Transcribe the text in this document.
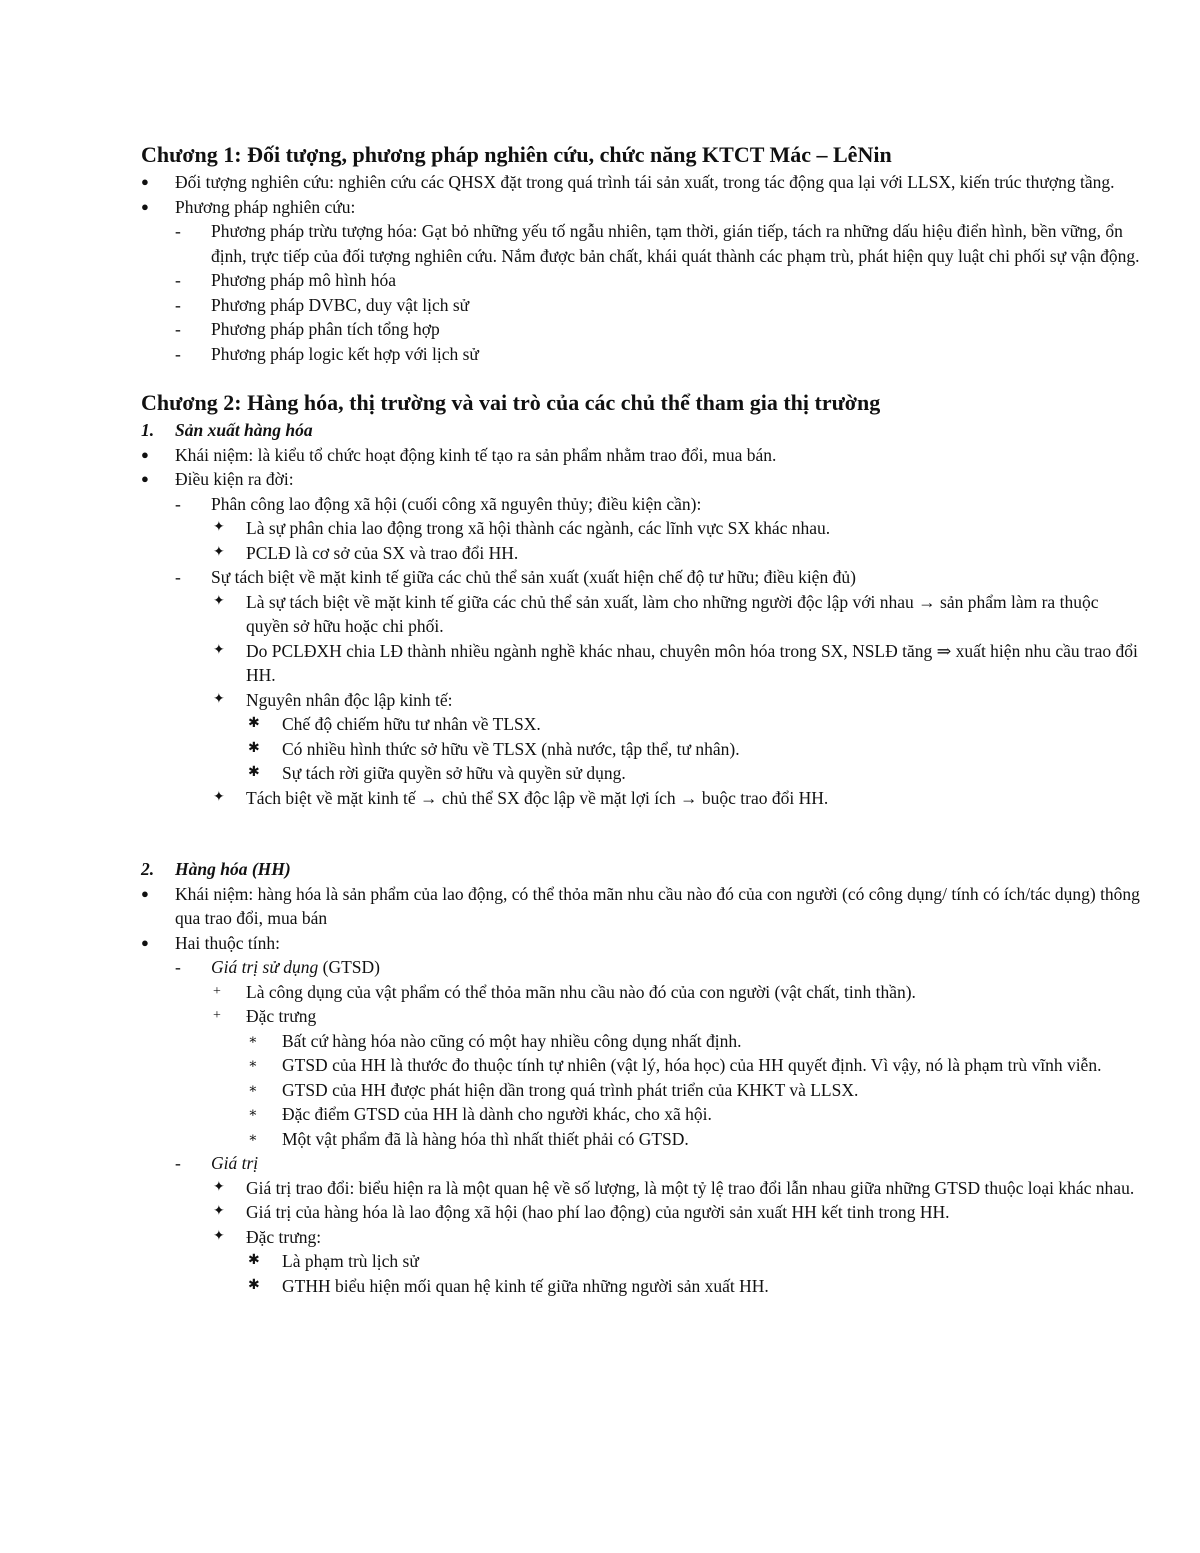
Chương 1: Đối tượng, phương pháp nghiên cứu, chức năng KTCT Mác – LêNin
●	Đối tượng nghiên cứu: nghiên cứu các QHSX đặt trong quá trình tái sản xuất, trong tác động qua lại với LLSX, kiến trúc thượng tầng.
●	Phương pháp nghiên cứu:
-	Phương pháp trừu tượng hóa: Gạt bỏ những yếu tố ngẫu nhiên, tạm thời, gián tiếp, tách ra những dấu hiệu điển hình, bền vững, ổn định, trực tiếp của đối tượng nghiên cứu. Nắm được bản chất, khái quát thành các phạm trù, phát hiện quy luật chi phối sự vận động.
-	Phương pháp mô hình hóa
-	Phương pháp DVBC, duy vật lịch sử
-	Phương pháp phân tích tổng hợp
-	Phương pháp logic kết hợp với lịch sử
Chương 2: Hàng hóa, thị trường và vai trò của các chủ thể tham gia thị trường
1.	Sản xuất hàng hóa
●	Khái niệm: là kiểu tổ chức hoạt động kinh tế tạo ra sản phẩm nhằm trao đổi, mua bán.
●	Điều kiện ra đời:
-	Phân công lao động xã hội (cuối công xã nguyên thủy; điều kiện cần):
✦	Là sự phân chia lao động trong xã hội thành các ngành, các lĩnh vực SX khác nhau.
✦	PCLĐ là cơ sở của SX và trao đổi HH.
-	Sự tách biệt về mặt kinh tế giữa các chủ thể sản xuất (xuất hiện chế độ tư hữu; điều kiện đủ)
✦	Là sự tách biệt về mặt kinh tế giữa các chủ thể sản xuất, làm cho những người độc lập với nhau → sản phẩm làm ra thuộc quyền sở hữu hoặc chi phối.
✦	Do PCLĐXH chia LĐ thành nhiều ngành nghề khác nhau, chuyên môn hóa trong SX, NSLĐ tăng ⇒ xuất hiện nhu cầu trao đổi HH.
✦	Nguyên nhân độc lập kinh tế:
✱	Chế độ chiếm hữu tư nhân về TLSX.
✱	Có nhiều hình thức sở hữu về TLSX (nhà nước, tập thể, tư nhân).
✱	Sự tách rời giữa quyền sở hữu và quyền sử dụng.
✦	Tách biệt về mặt kinh tế → chủ thể SX độc lập về mặt lợi ích → buộc trao đổi HH.
2.	Hàng hóa (HH)
●	Khái niệm: hàng hóa là sản phẩm của lao động, có thể thỏa mãn nhu cầu nào đó của con người (có công dụng/ tính có ích/tác dụng) thông qua trao đổi, mua bán
●	Hai thuộc tính:
-	Giá trị sử dụng (GTSD)
+	Là công dụng của vật phẩm có thể thỏa mãn nhu cầu nào đó của con người (vật chất, tinh thần).
+	Đặc trưng
∗	Bất cứ hàng hóa nào cũng có một hay nhiều công dụng nhất định.
∗	GTSD của HH là thước đo thuộc tính tự nhiên (vật lý, hóa học) của HH quyết định. Vì vậy, nó là phạm trù vĩnh viễn.
∗	GTSD của HH được phát hiện dần trong quá trình phát triển của KHKT và LLSX.
∗	Đặc điểm GTSD của HH là dành cho người khác, cho xã hội.
∗	Một vật phẩm đã là hàng hóa thì nhất thiết phải có GTSD.
-	Giá trị
✦	Giá trị trao đổi: biểu hiện ra là một quan hệ về số lượng, là một tỷ lệ trao đổi lẫn nhau giữa những GTSD thuộc loại khác nhau.
✦	Giá trị của hàng hóa là lao động xã hội (hao phí lao động) của người sản xuất HH kết tinh trong HH.
✦	Đặc trưng:
✱	Là phạm trù lịch sử
✱	GTHH biểu hiện mối quan hệ kinh tế giữa những người sản xuất HH.
